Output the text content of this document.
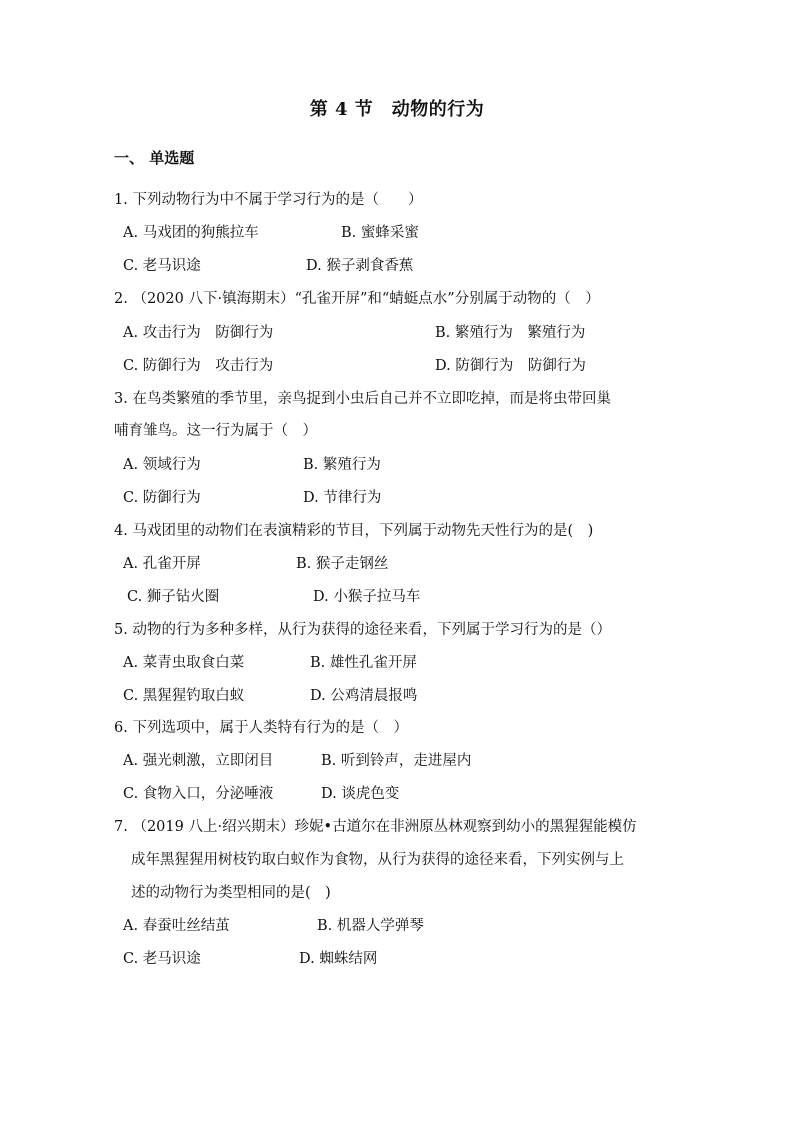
第 4 节　动物的行为
一、 单选题
1. 下列动物行为中不属于学习行为的是（　　）
A. 马戏团的狗熊拉车	B. 蜜蜂采蜜
C. 老马识途	D. 猴子剥食香蕉
2. （2020 八下·镇海期末）“孔雀开屏”和“蜻蜓点水”分别属于动物的（　）
A. 攻击行为　防御行为	B. 繁殖行为　繁殖行为
C. 防御行为　攻击行为	D. 防御行为　防御行为
3. 在鸟类繁殖的季节里，亲鸟捉到小虫后自己并不立即吃掉，而是将虫带回巢
哺育雏鸟。这一行为属于（　）
A. 领域行为	B. 繁殖行为
C. 防御行为	D. 节律行为
4. 马戏团里的动物们在表演精彩的节目，下列属于动物先天性行为的是(　)
A. 孔雀开屏	B. 猴子走钢丝
C. 狮子钻火圈	D. 小猴子拉马车
5. 动物的行为多种多样，从行为获得的途径来看，下列属于学习行为的是（）
A. 菜青虫取食白菜	B. 雄性孔雀开屏
C. 黑猩猩钓取白蚁	D. 公鸡清晨报鸣
6. 下列选项中，属于人类特有行为的是（　）
A. 强光刺激，立即闭目	B. 听到铃声，走进屋内
C. 食物入口，分泌唾液	D. 谈虎色变
7. （2019 八上·绍兴期末）珍妮•古道尔在非洲原丛林观察到幼小的黑猩猩能模仿
成年黑猩猩用树枝钓取白蚁作为食物，从行为获得的途径来看，下列实例与上
述的动物行为类型相同的是(　)
A. 春蚕吐丝结茧	B. 机器人学弹琴
C. 老马识途	D. 蜘蛛结网
